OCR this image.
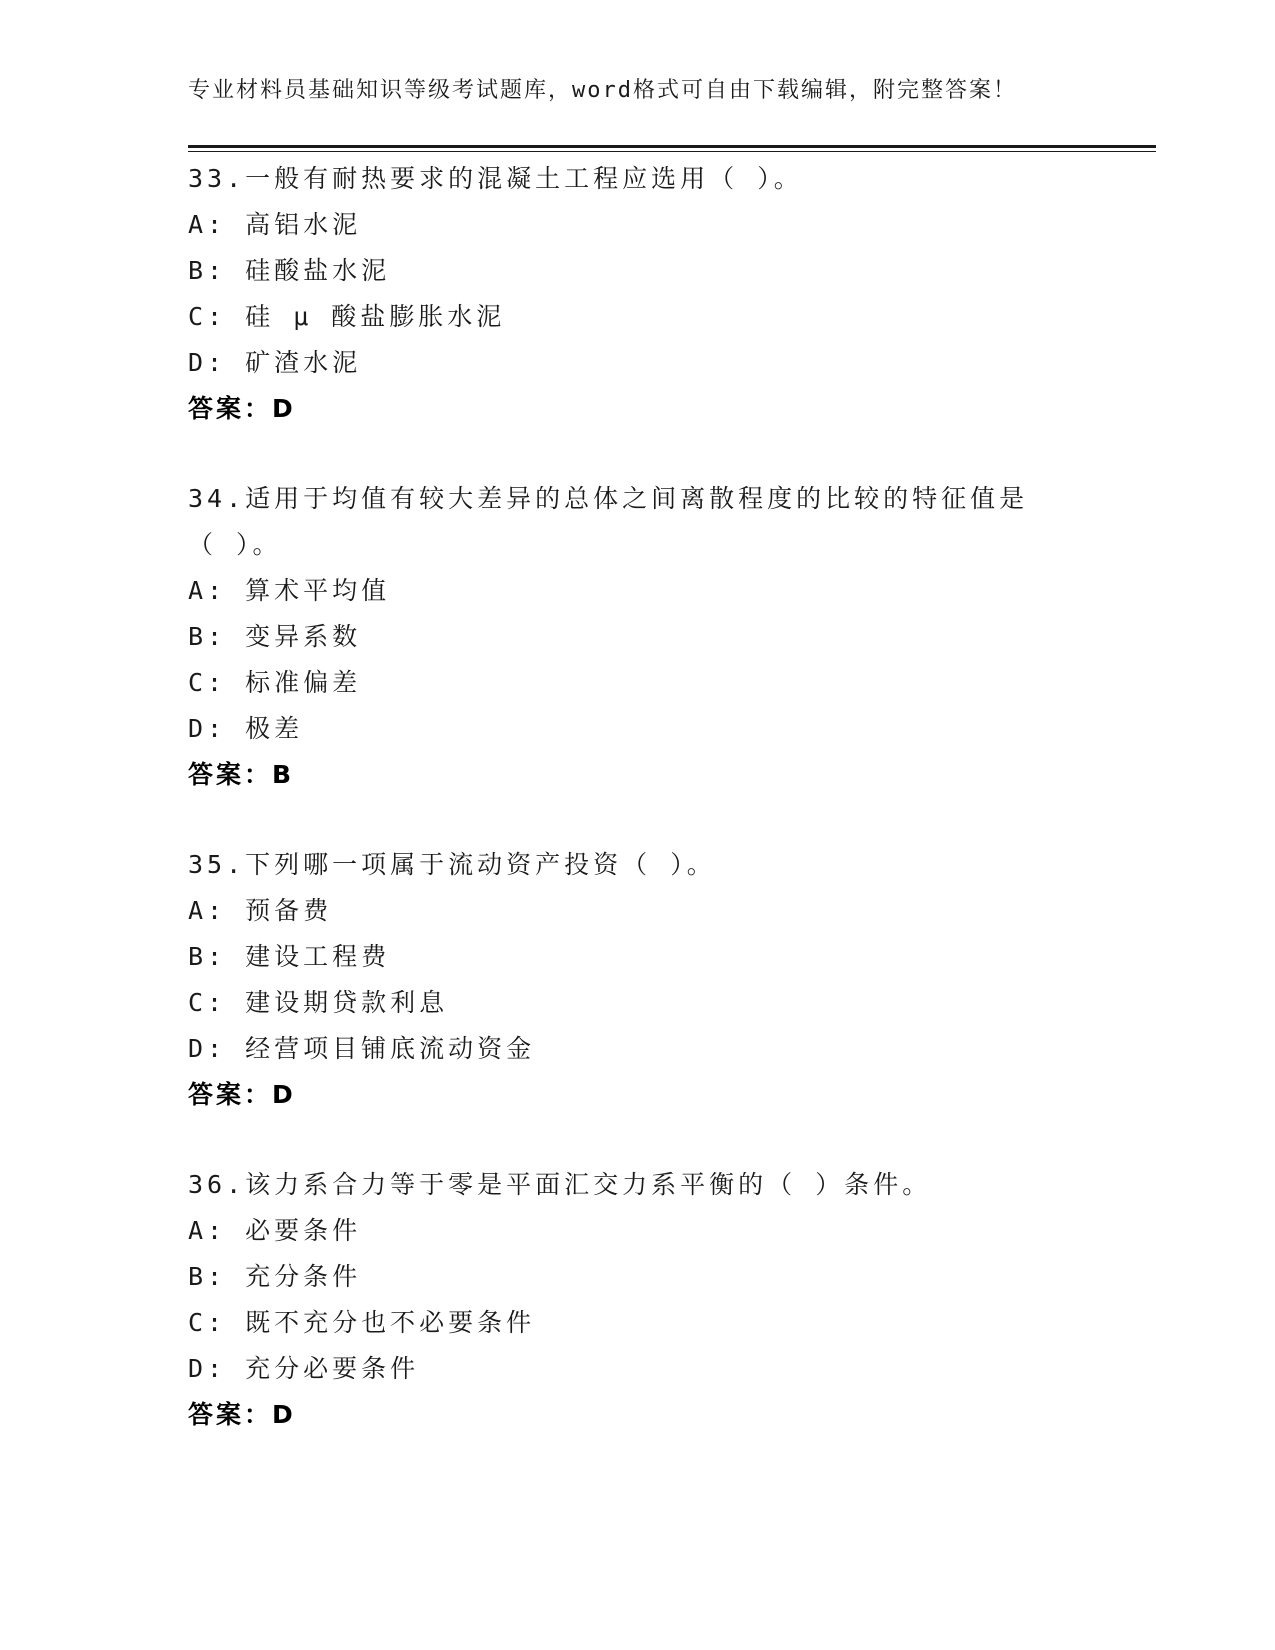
专业材料员基础知识等级考试题库，word格式可自由下载编辑，附完整答案！
33.一般有耐热要求的混凝土工程应选用（ ）。
A: 高铝水泥
B: 硅酸盐水泥
C: 硅 μ 酸盐膨胀水泥
D: 矿渣水泥
答案：D
34.适用于均值有较大差异的总体之间离散程度的比较的特征值是（ ）。
A: 算术平均值
B: 变异系数
C: 标准偏差
D: 极差
答案：B
35.下列哪一项属于流动资产投资（ ）。
A: 预备费
B: 建设工程费
C: 建设期贷款利息
D: 经营项目铺底流动资金
答案：D
36.该力系合力等于零是平面汇交力系平衡的（ ）条件。
A: 必要条件
B: 充分条件
C: 既不充分也不必要条件
D: 充分必要条件
答案：D
